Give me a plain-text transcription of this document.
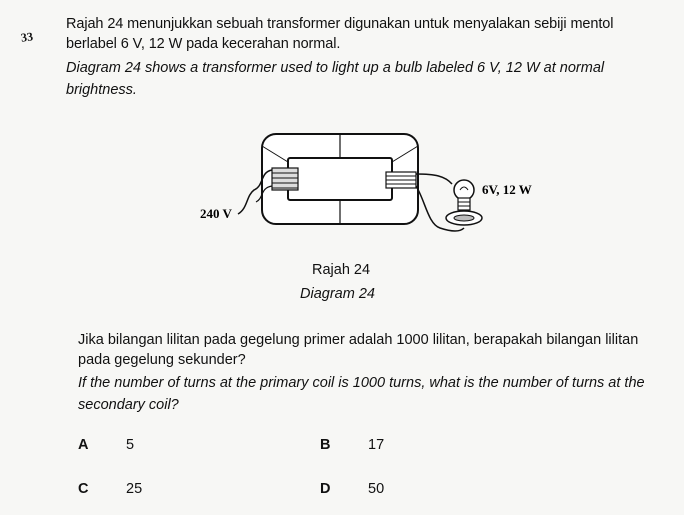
33
Rajah 24 menunjukkan sebuah transformer digunakan untuk menyalakan sebiji mentol berlabel 6 V, 12 W pada kecerahan normal.
Diagram 24 shows a transformer used to light up a bulb labeled 6 V, 12 W at normal brightness.
240 V
6V, 12 W
Rajah 24
Diagram 24
Jika bilangan lilitan pada gegelung primer adalah 1000 lilitan, berapakah bilangan lilitan pada gegelung sekunder?
If the number of turns at the primary coil is 1000 turns, what is the number of turns at the secondary coil?
A	5	B	17
C	25	D	50
